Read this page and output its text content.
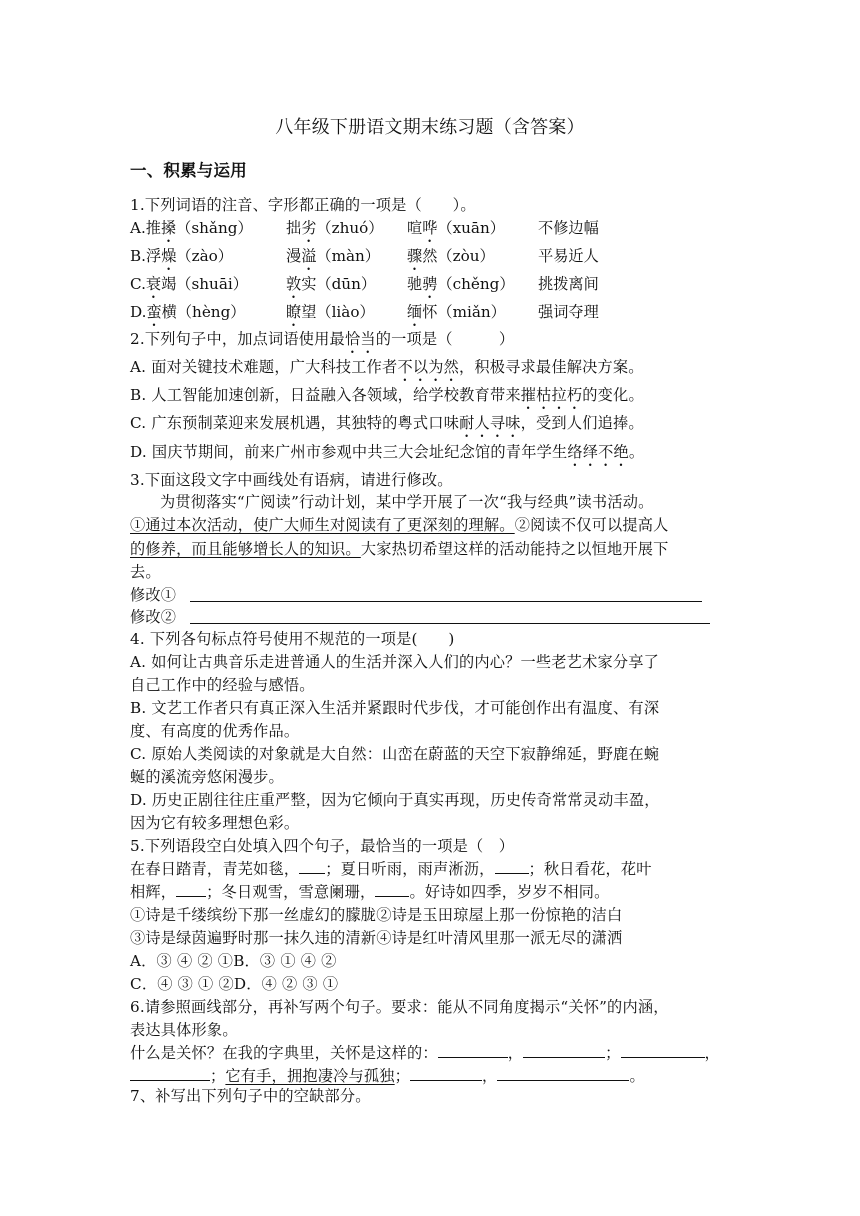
八年级下册语文期末练习题（含答案）
一、积累与运用
1.下列词语的注音、字形都正确的一项是（　　）。
A.推搡（shǎng） 拙劣（zhuó） 喧哗（xuān） 不修边幅
B.浮燥（zào）	漫溢（màn） 骤然（zòu）	平易近人
C.衰竭（shuāi）	敦实（dūn） 驰骋（chěng） 挑拨离间
D.蛮横（hèng）	瞭望（liào） 缅怀（miǎn） 强词夺理
2.下列句子中，加点词语使用最恰当的一项是（　　　）
A. 面对关键技术难题，广大科技工作者不以为然，积极寻求最佳解决方案。
B. 人工智能加速创新，日益融入各领域，给学校教育带来摧枯拉朽的变化。
C. 广东预制菜迎来发展机遇，其独特的粤式口味耐人寻味，受到人们追捧。
D. 国庆节期间，前来广州市参观中共三大会址纪念馆的青年学生络绎不绝。
3.下面这段文字中画线处有语病，请进行修改。
为贯彻落实“广阅读”行动计划，某中学开展了一次“我与经典”读书活动。
①通过本次活动，使广大师生对阅读有了更深刻的理解。②阅读不仅可以提高人
的修养，而且能够增长人的知识。大家热切希望这样的活动能持之以恒地开展下
去。
修改①
修改②
4. 下列各句标点符号使用不规范的一项是(　　)
A. 如何让古典音乐走进普通人的生活并深入人们的内心？一些老艺术家分享了
自己工作中的经验与感悟。
B. 文艺工作者只有真正深入生活并紧跟时代步伐，才可能创作出有温度、有深
度、有高度的优秀作品。
C. 原始人类阅读的对象就是大自然：山峦在蔚蓝的天空下寂静绵延，野鹿在蜿
蜒的溪流旁悠闲漫步。
D. 历史正剧往往庄重严整，因为它倾向于真实再现，历史传奇常常灵动丰盈，
因为它有较多理想色彩。
5.下列语段空白处填入四个句子，最恰当的一项是（　）
在春日踏青，青芜如毯， ；夏日听雨，雨声淅沥， ；秋日看花，花叶
相辉， ；冬日观雪，雪意阑珊， 。好诗如四季，岁岁不相同。
①诗是千缕缤纷下那一丝虚幻的朦胧②诗是玉田琼屋上那一份惊艳的洁白
③诗是绿茵遍野时那一抹久违的清新④诗是红叶清风里那一派无尽的潇洒
A．③ ④ ② ①B．③ ① ④ ②
C．④ ③ ① ②D．④ ② ③ ①
6.请参照画线部分，再补写两个句子。要求：能从不同角度揭示“关怀”的内涵，
表达具体形象。
什么是关怀？在我的字典里，关怀是这样的：	，	；	，
；它有手，拥抱凄冷与孤独；	，	。
7、补写出下列句子中的空缺部分。
